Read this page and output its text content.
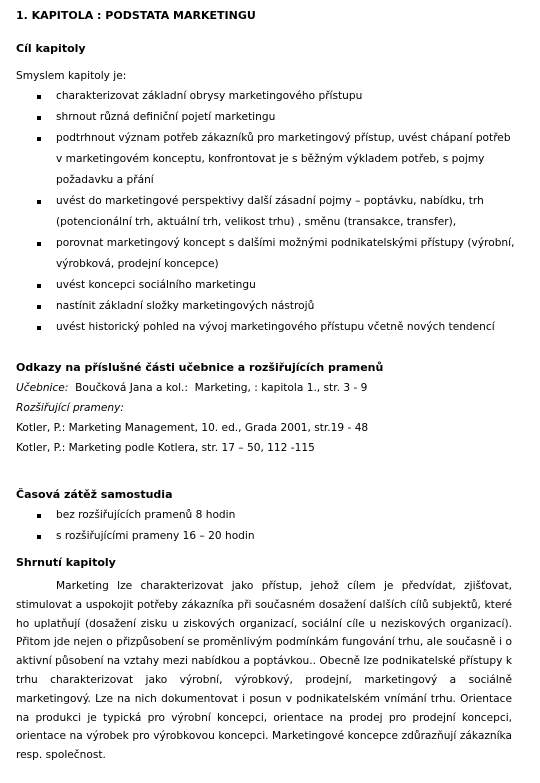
1. KAPITOLA : PODSTATA MARKETINGU
Cíl kapitoly
Smyslem kapitoly je:
charakterizovat základní obrysy marketingového přístupu
shrnout různá definiční pojetí marketingu
podtrhnout význam potřeb zákazníků pro marketingový přístup, uvést chápaní potřeb v marketingovém konceptu, konfrontovat je s běžným výkladem potřeb, s pojmy požadavku a přání
uvést do marketingové perspektivy další zásadní pojmy – poptávku, nabídku, trh (potencionální trh, aktuální trh, velikost trhu) , směnu (transakce, transfer),
porovnat marketingový koncept s dalšími možnými podnikatelskými přístupy (výrobní, výrobková, prodejní koncepce)
uvést koncepci sociálního marketingu
nastínit základní složky marketingových nástrojů
uvést historický pohled na vývoj marketingového přístupu včetně nových tendencí
Odkazy na příslušné části učebnice a rozšiřujících pramenů
Učebnice:  Boučková Jana a kol.:  Marketing, : kapitola 1., str. 3 - 9
Rozšiřující prameny:
Kotler, P.: Marketing Management, 10. ed., Grada 2001, str.19 - 48
Kotler, P.: Marketing podle Kotlera, str. 17 – 50, 112 -115
Časová zátěž samostudia
bez rozšiřujících pramenů 8 hodin
s rozšiřujícími prameny 16 – 20 hodin
Shrnutí kapitoly
Marketing lze charakterizovat jako přístup, jehož cílem je předvídat, zjišťovat, stimulovat a uspokojit potřeby zákazníka při současném dosažení dalších cílů subjektů, které ho uplatňují (dosažení zisku u ziskových organizací, sociální cíle u neziskových organizací). Přitom jde nejen o přizpůsobení se proměnlivým podmínkám fungování trhu, ale současně i o aktivní působení na vztahy mezi nabídkou a poptávkou.. Obecně lze podnikatelské přístupy k trhu charakterizovat jako výrobní, výrobkový, prodejní, marketingový a sociálně marketingový. Lze na nich dokumentovat i posun v podnikatelském vnímání trhu. Orientace na produkci je typická pro výrobní koncepci, orientace na prodej pro prodejní koncepci, orientace na výrobek pro výrobkovou koncepci. Marketingové koncepce zdůrazňují zákazníka resp. společnost.
